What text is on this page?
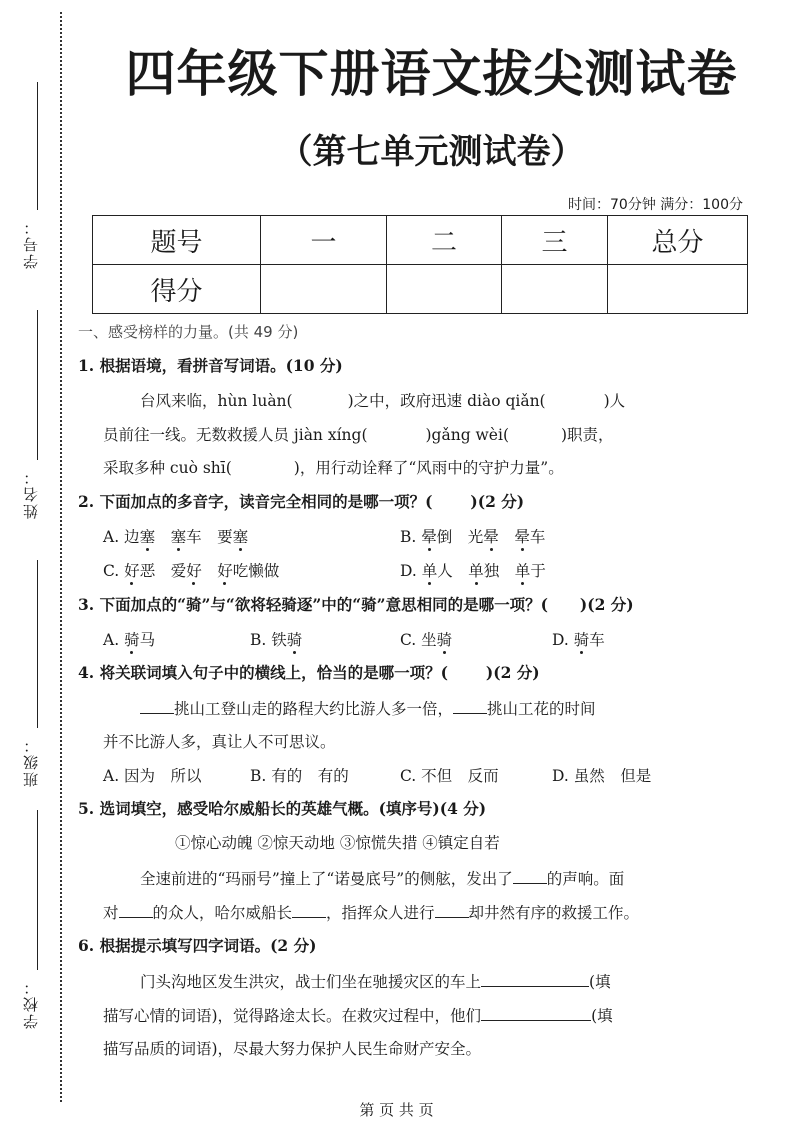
学号：
姓名：
班级：
学校：
四年级下册语文拔尖测试卷
（第七单元测试卷）
时间：70分钟 满分：100分
题号	一	二	三	总分
得分				
一、感受榜样的力量。(共 49 分)
1. 根据语境，看拼音写词语。(10 分)
台风来临，hùn luàn(	)之中，政府迅速 diào qiǎn(	)人
员前往一线。无数救援人员 jiàn xíng(	)gǎng wèi(	)职责，
采取多种 cuò shī(	)，用行动诠释了“风雨中的守护力量”。
2. 下面加点的多音字，读音完全相同的是哪一项？( )(2 分)
A. 边塞　 塞车　要塞	B. 晕倒　光晕　 晕车
C. 好恶　爱好　 好吃懒做	D. 单人　单独　单于
3. 下面加点的“骑”与“欲将轻骑逐”中的“骑”意思相同的是哪一项？( )(2 分)
A. 骑马	B. 铁骑	C. 坐骑	D. 骑车
4. 将关联词填入句子中的横线上，恰当的是哪一项？( )(2 分)
挑山工登山走的路程大约比游人多一倍， 挑山工花的时间
并不比游人多，真让人不可思议。
A. 因为　所以	B. 有的　有的	C. 不但　反而	D. 虽然　但是
5. 选词填空，感受哈尔威船长的英雄气概。(填序号)(4 分)
①惊心动魄 ②惊天动地 ③惊慌失措 ④镇定自若
全速前进的“玛丽号”撞上了“诺曼底号”的侧舷，发出了 的声响。面
对 的众人，哈尔威船长 ，指挥众人进行 却井然有序的救援工作。
6. 根据提示填写四字词语。(2 分)
门头沟地区发生洪灾，战士们坐在驰援灾区的车上	(填
描写心情的词语)，觉得路途太长。在救灾过程中，他们	(填
描写品质的词语)，尽最大努力保护人民生命财产安全。
第 页 共 页
